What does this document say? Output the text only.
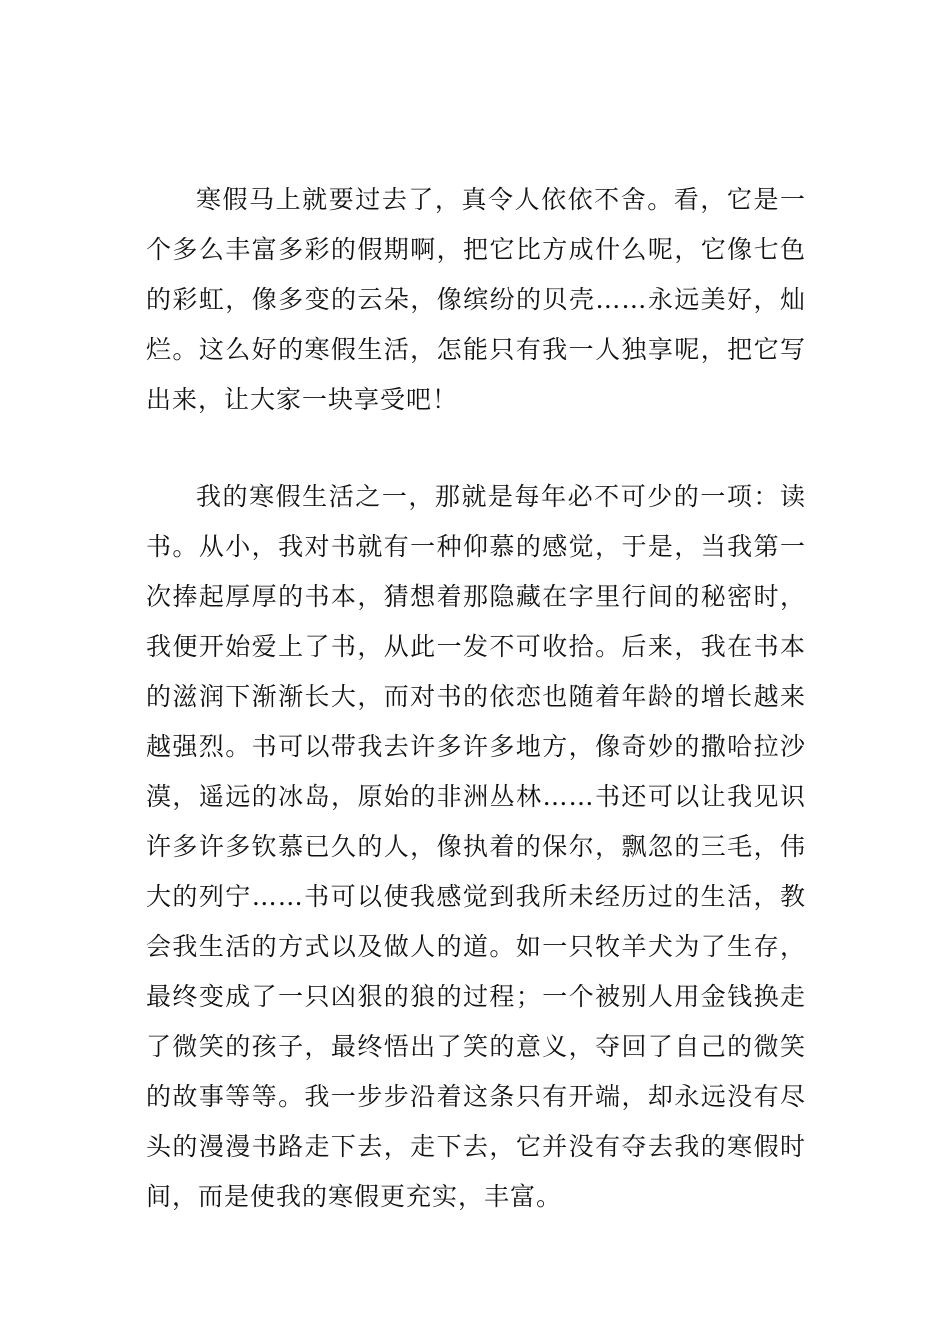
寒假马上就要过去了，真令人依依不舍。看，它是一个多么丰富多彩的假期啊，把它比方成什么呢，它像七色的彩虹，像多变的云朵，像缤纷的贝壳……永远美好，灿烂。这么好的寒假生活，怎能只有我一人独享呢，把它写出来，让大家一块享受吧！

我的寒假生活之一，那就是每年必不可少的一项：读书。从小，我对书就有一种仰慕的感觉，于是，当我第一次捧起厚厚的书本，猜想着那隐藏在字里行间的秘密时，我便开始爱上了书，从此一发不可收拾。后来，我在书本的滋润下渐渐长大，而对书的依恋也随着年龄的增长越来越强烈。书可以带我去许多许多地方，像奇妙的撒哈拉沙漠，遥远的冰岛，原始的非洲丛林……书还可以让我见识许多许多钦慕已久的人，像执着的保尔，飘忽的三毛，伟大的列宁……书可以使我感觉到我所未经历过的生活，教会我生活的方式以及做人的道。如一只牧羊犬为了生存，最终变成了一只凶狠的狼的过程；一个被别人用金钱换走了微笑的孩子，最终悟出了笑的意义，夺回了自己的微笑的故事等等。我一步步沿着这条只有开端，却永远没有尽头的漫漫书路走下去，走下去，它并没有夺去我的寒假时间，而是使我的寒假更充实，丰富。
